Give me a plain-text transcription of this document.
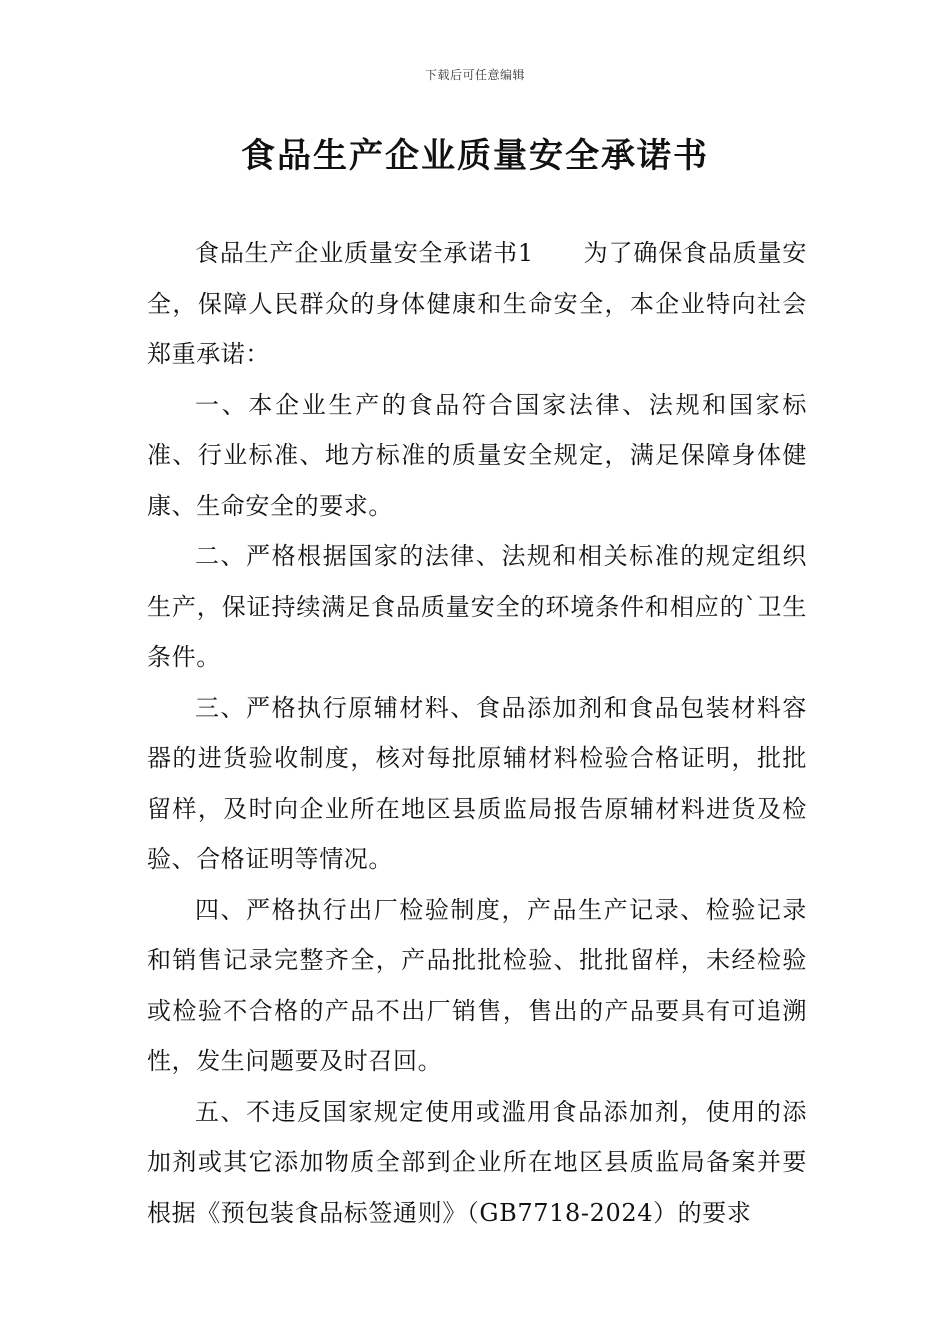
下载后可任意编辑
食品生产企业质量安全承诺书

食品生产企业质量安全承诺书1　　为了确保食品质量安全，保障人民群众的身体健康和生命安全，本企业特向社会郑重承诺：

一、本企业生产的食品符合国家法律、法规和国家标准、行业标准、地方标准的质量安全规定，满足保障身体健康、生命安全的要求。

二、严格根据国家的法律、法规和相关标准的规定组织生产，保证持续满足食品质量安全的环境条件和相应的`卫生条件。

三、严格执行原辅材料、食品添加剂和食品包装材料容器的进货验收制度，核对每批原辅材料检验合格证明，批批留样，及时向企业所在地区县质监局报告原辅材料进货及检验、合格证明等情况。

四、严格执行出厂检验制度，产品生产记录、检验记录和销售记录完整齐全，产品批批检验、批批留样，未经检验或检验不合格的产品不出厂销售，售出的产品要具有可追溯性，发生问题要及时召回。

五、不违反国家规定使用或滥用食品添加剂，使用的添加剂或其它添加物质全部到企业所在地区县质监局备案并要根据《预包装食品标签通则》（GB7718-2024）的要求
